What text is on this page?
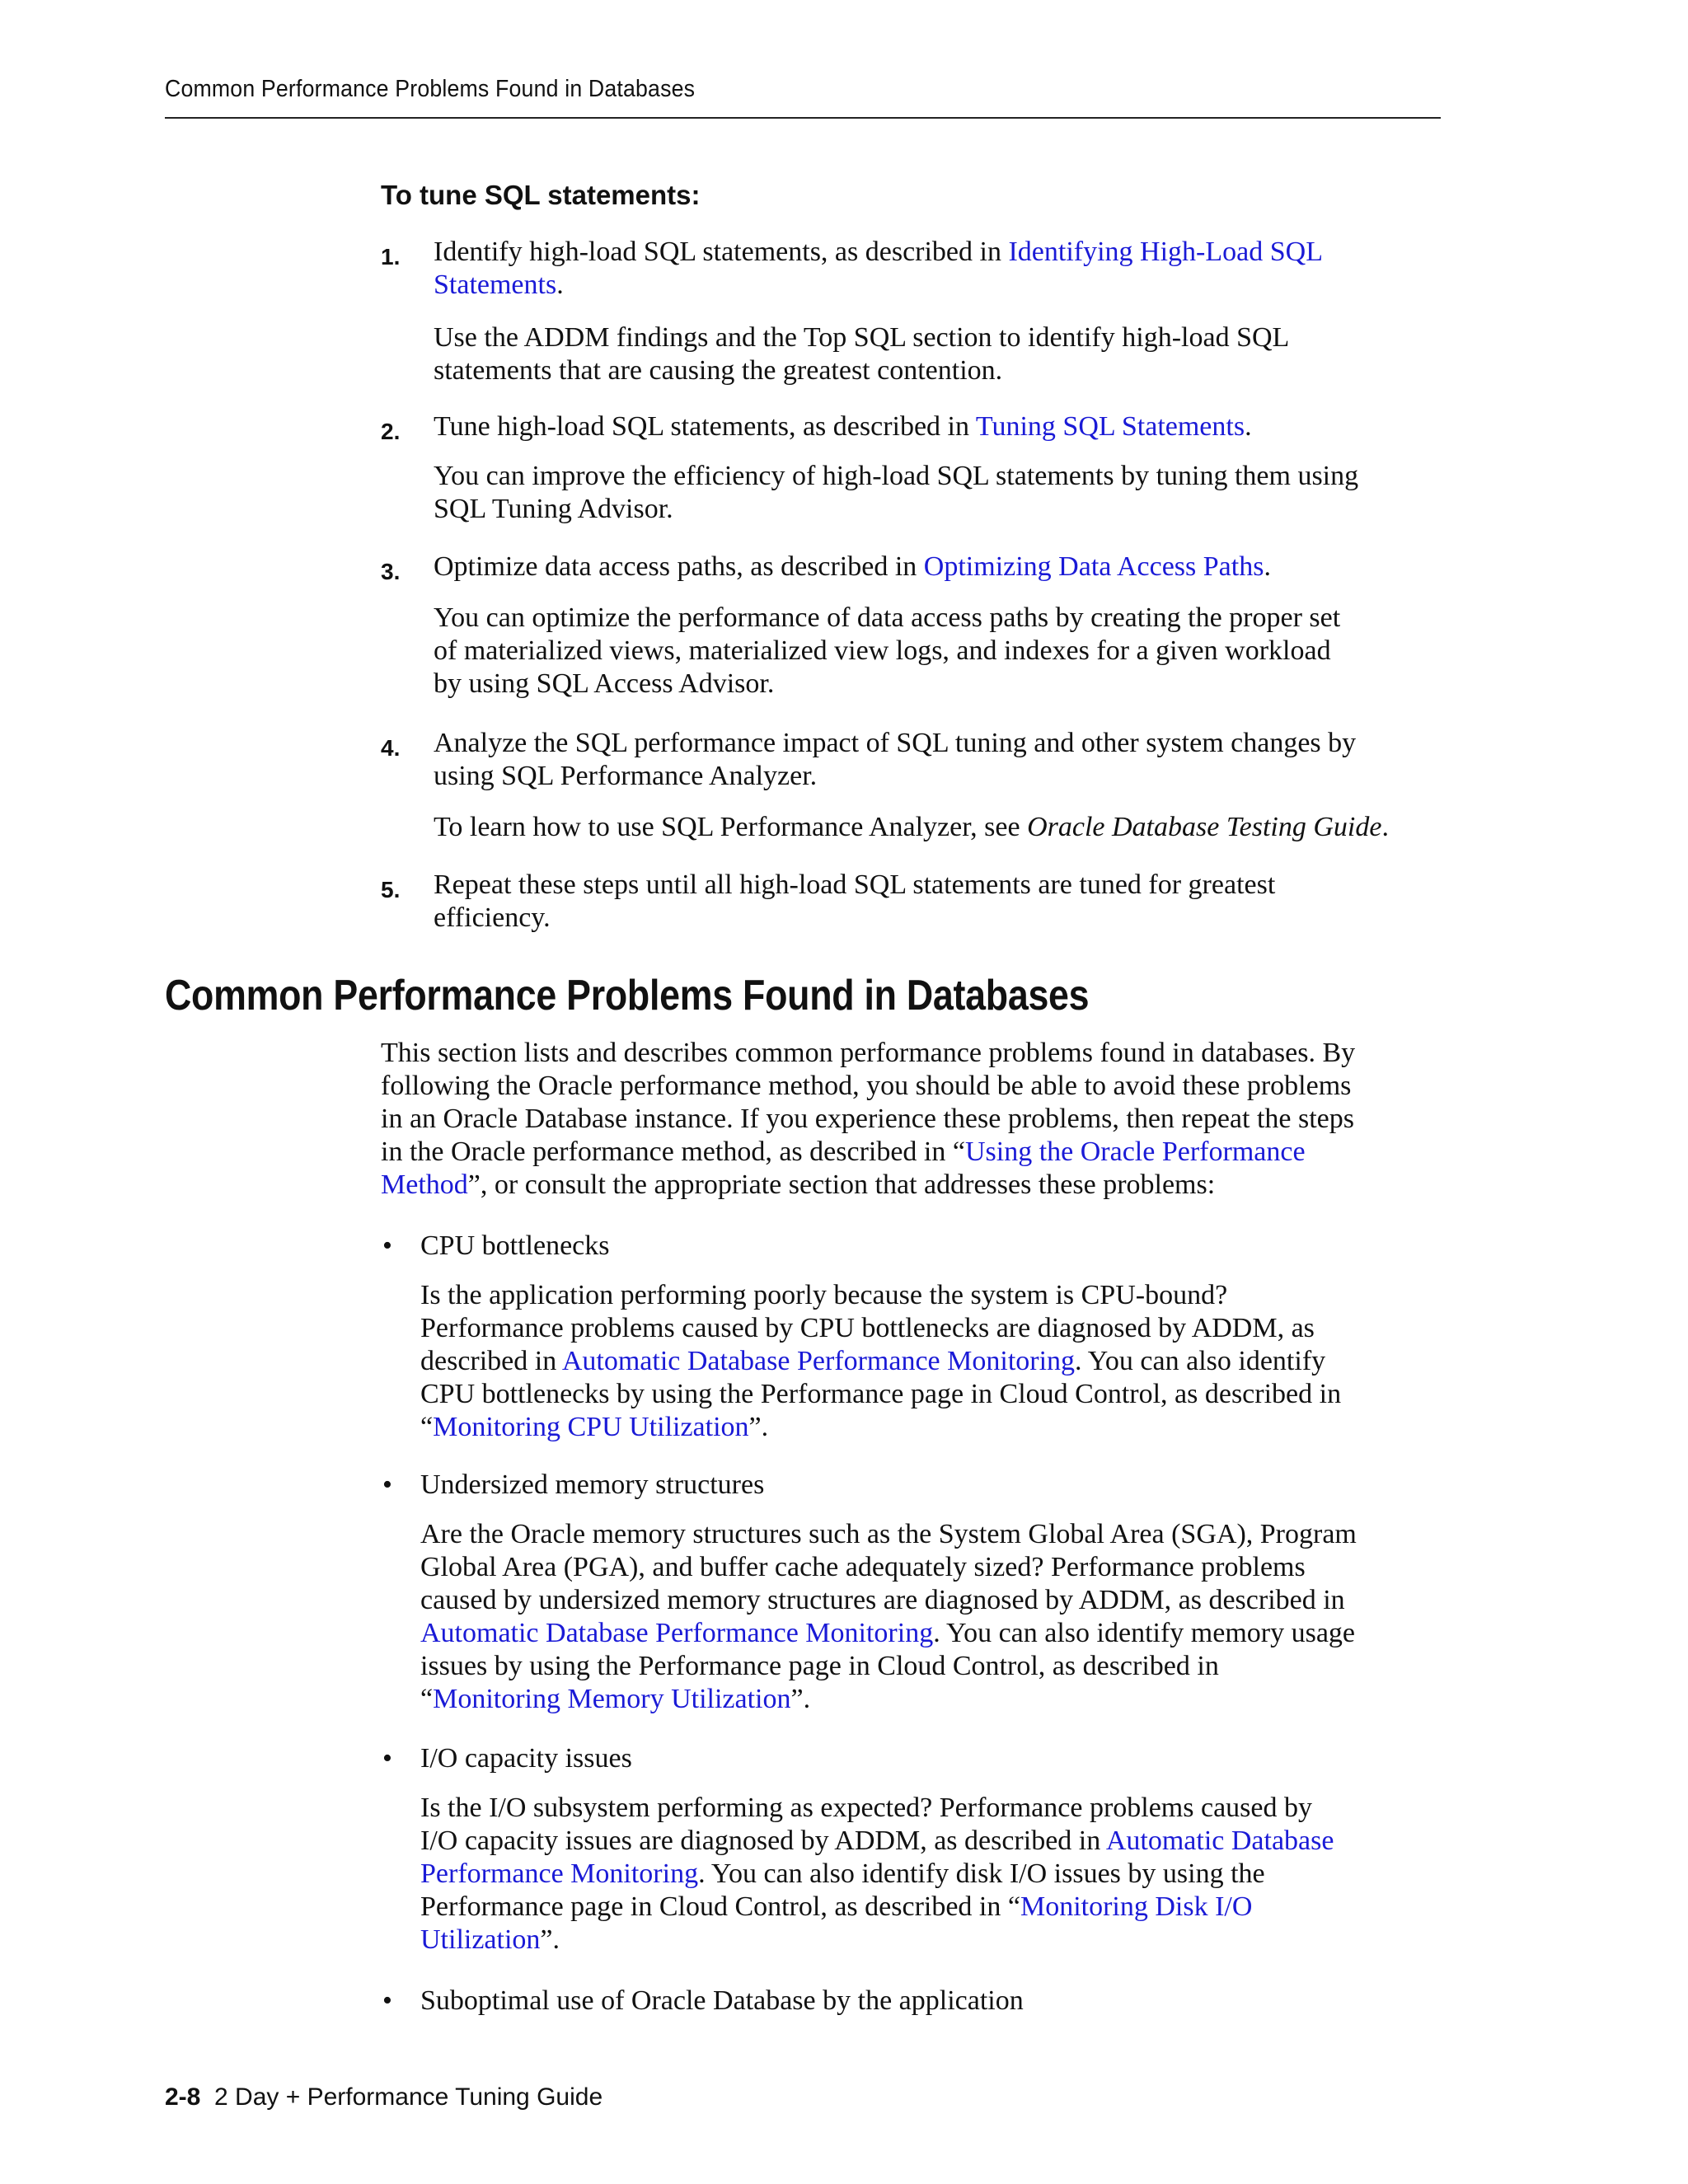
Common Performance Problems Found in Databases
To tune SQL statements:
1. Identify high-load SQL statements, as described in Identifying High-Load SQL
Statements.
Use the ADDM findings and the Top SQL section to identify high-load SQL
statements that are causing the greatest contention.
2. Tune high-load SQL statements, as described in Tuning SQL Statements.
You can improve the efficiency of high-load SQL statements by tuning them using
SQL Tuning Advisor.
3. Optimize data access paths, as described in Optimizing Data Access Paths.
You can optimize the performance of data access paths by creating the proper set
of materialized views, materialized view logs, and indexes for a given workload
by using SQL Access Advisor.
4. Analyze the SQL performance impact of SQL tuning and other system changes by
using SQL Performance Analyzer.
To learn how to use SQL Performance Analyzer, see Oracle Database Testing Guide.
5. Repeat these steps until all high-load SQL statements are tuned for greatest
efficiency.
Common Performance Problems Found in Databases
This section lists and describes common performance problems found in databases. By
following the Oracle performance method, you should be able to avoid these problems
in an Oracle Database instance. If you experience these problems, then repeat the steps
in the Oracle performance method, as described in “Using the Oracle Performance
Method”, or consult the appropriate section that addresses these problems:
• CPU bottlenecks
Is the application performing poorly because the system is CPU-bound?
Performance problems caused by CPU bottlenecks are diagnosed by ADDM, as
described in Automatic Database Performance Monitoring. You can also identify
CPU bottlenecks by using the Performance page in Cloud Control, as described in
“Monitoring CPU Utilization”.
• Undersized memory structures
Are the Oracle memory structures such as the System Global Area (SGA), Program
Global Area (PGA), and buffer cache adequately sized? Performance problems
caused by undersized memory structures are diagnosed by ADDM, as described in
Automatic Database Performance Monitoring. You can also identify memory usage
issues by using the Performance page in Cloud Control, as described in
“Monitoring Memory Utilization”.
• I/O capacity issues
Is the I/O subsystem performing as expected? Performance problems caused by
I/O capacity issues are diagnosed by ADDM, as described in Automatic Database
Performance Monitoring. You can also identify disk I/O issues by using the
Performance page in Cloud Control, as described in “Monitoring Disk I/O
Utilization”.
• Suboptimal use of Oracle Database by the application
2-8 2 Day + Performance Tuning Guide
